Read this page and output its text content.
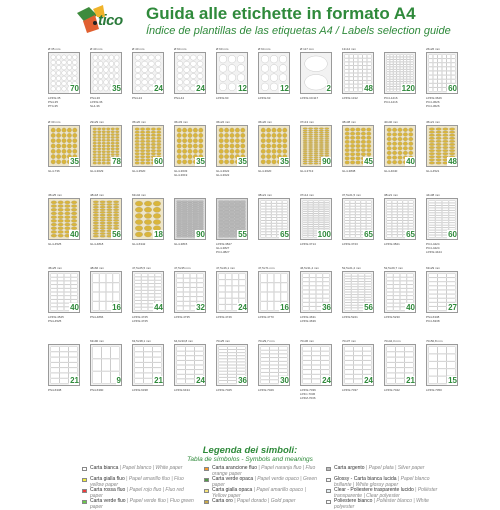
tico Guida alle etichette in formato A4
Índice de plantillas de las etiquetas A4 / Labels selection guide
Ø 35 mm
70
LP4W-35
PS4-35
PT4-35
Ø 40 mm
35
PS4-36
LP4W-36
SL4-36
Ø 40 mm
24
PS4-24
Ø 64 mm
24
PS4-44
Ø 60 mm
12
LP4W-60
Ø 64 mm
12
LP4W-63
Ø 117 mm
2
LP4W-CD117
13x12 mm
48
LP4W-1312
120
PC4-1216
PC4-1216
26x26 mm
60
LP4W-3626
PC4-3626
PC4-3626
Ø 30 mm
35
GL4-736
29x29 mm
78
GL4-3029
35x20 mm
60
GL4-3520
36x33 mm
35
GL4-3633
GL4-3619
36x22 mm
35
GL4-3622
GL4-3622
36x20 mm
35
GL4-3620
37x13 mm
90
GL4-3713
38x38 mm
45
GL4-3838
40x40 mm
40
GL4-4040
45x21 mm
48
GL4-4521
45x25 mm
40
GL4-4525
48x18 mm
56
GL4-4818
63x42 mm
18
GL4-6342
90
GL4-3815
55
LP4W-3827
GL4-3827
PC4-3827
38x21 mm
65
37x14 mm
100
LP4W-3714
37,5x21,5 mm
65
LP4W-3723
38x21 mm
65
LP4W-3821
44x38 mm
60
PC4-4424
PC4-4424
LP4W-4424
45x25 mm
40
LP4W-4525
PS4-4525
48x66 mm
16
PS4-4866
47,5x25,5 mm
44
LP4W-4725
LP4W-4725
47,5x35 mm
32
LP4W-4735
47,5x46,1 mm
24
LP4W-4746
47,5x71 mm
16
LP4W-4770
46,5x31,4 mm
36
LP4W-4631
LP4W-4639
52,5x21,2 mm
56
LP4W-5221
52,5x29,7 mm
40
LP4W-5230
63x29 mm
27
PS4-6338
PC4-6338
21
PS4-6338
63x90 mm
9
PS4-6390
63,5x38,1 mm
21
LP4W-6338
64,6x33,8 mm
24
LP4W-6434
70x25 mm
36
LP4W-7025
70x29,7 mm
30
LP4W-7029
70x36 mm
24
LP4W-7036
LP4C-7036
LP4M-7036
70x37 mm
24
LP4W-7037
70x42,3 mm
21
LP4W-7042
70x50,8 mm
15
LP4W-7050
Legenda dei simboli:
Tabla de símbolos - Symbols and meanings
Carta bianca | Papel blanco | White paper
Carta gialla fluo | Papel amarillo fluo | Fluo yellow paper
Carta rossa fluo | Papel rojo fluo | Fluo red paper
Carta verde fluo | Papel verde fluo | Fluo green paper
Carta arancione fluo | Papel naranja fluo | Fluo orange paper
Carta verde opaca | Papel verde opaco | Green paper
Carta gialla opaca | Papel amarillo opaco | Yellow paper
Carta oro | Papel dorado | Gold paper
Carta argento | Papel plata | Silver paper
Glossy - Carta bianca lucida | Papel blanco brillante | White glossy paper
Clear - Poliestere trasparente lucido | Poliéster transparente | Clear polyester
Poliestere bianco | Poliéster blanco | White polyester
